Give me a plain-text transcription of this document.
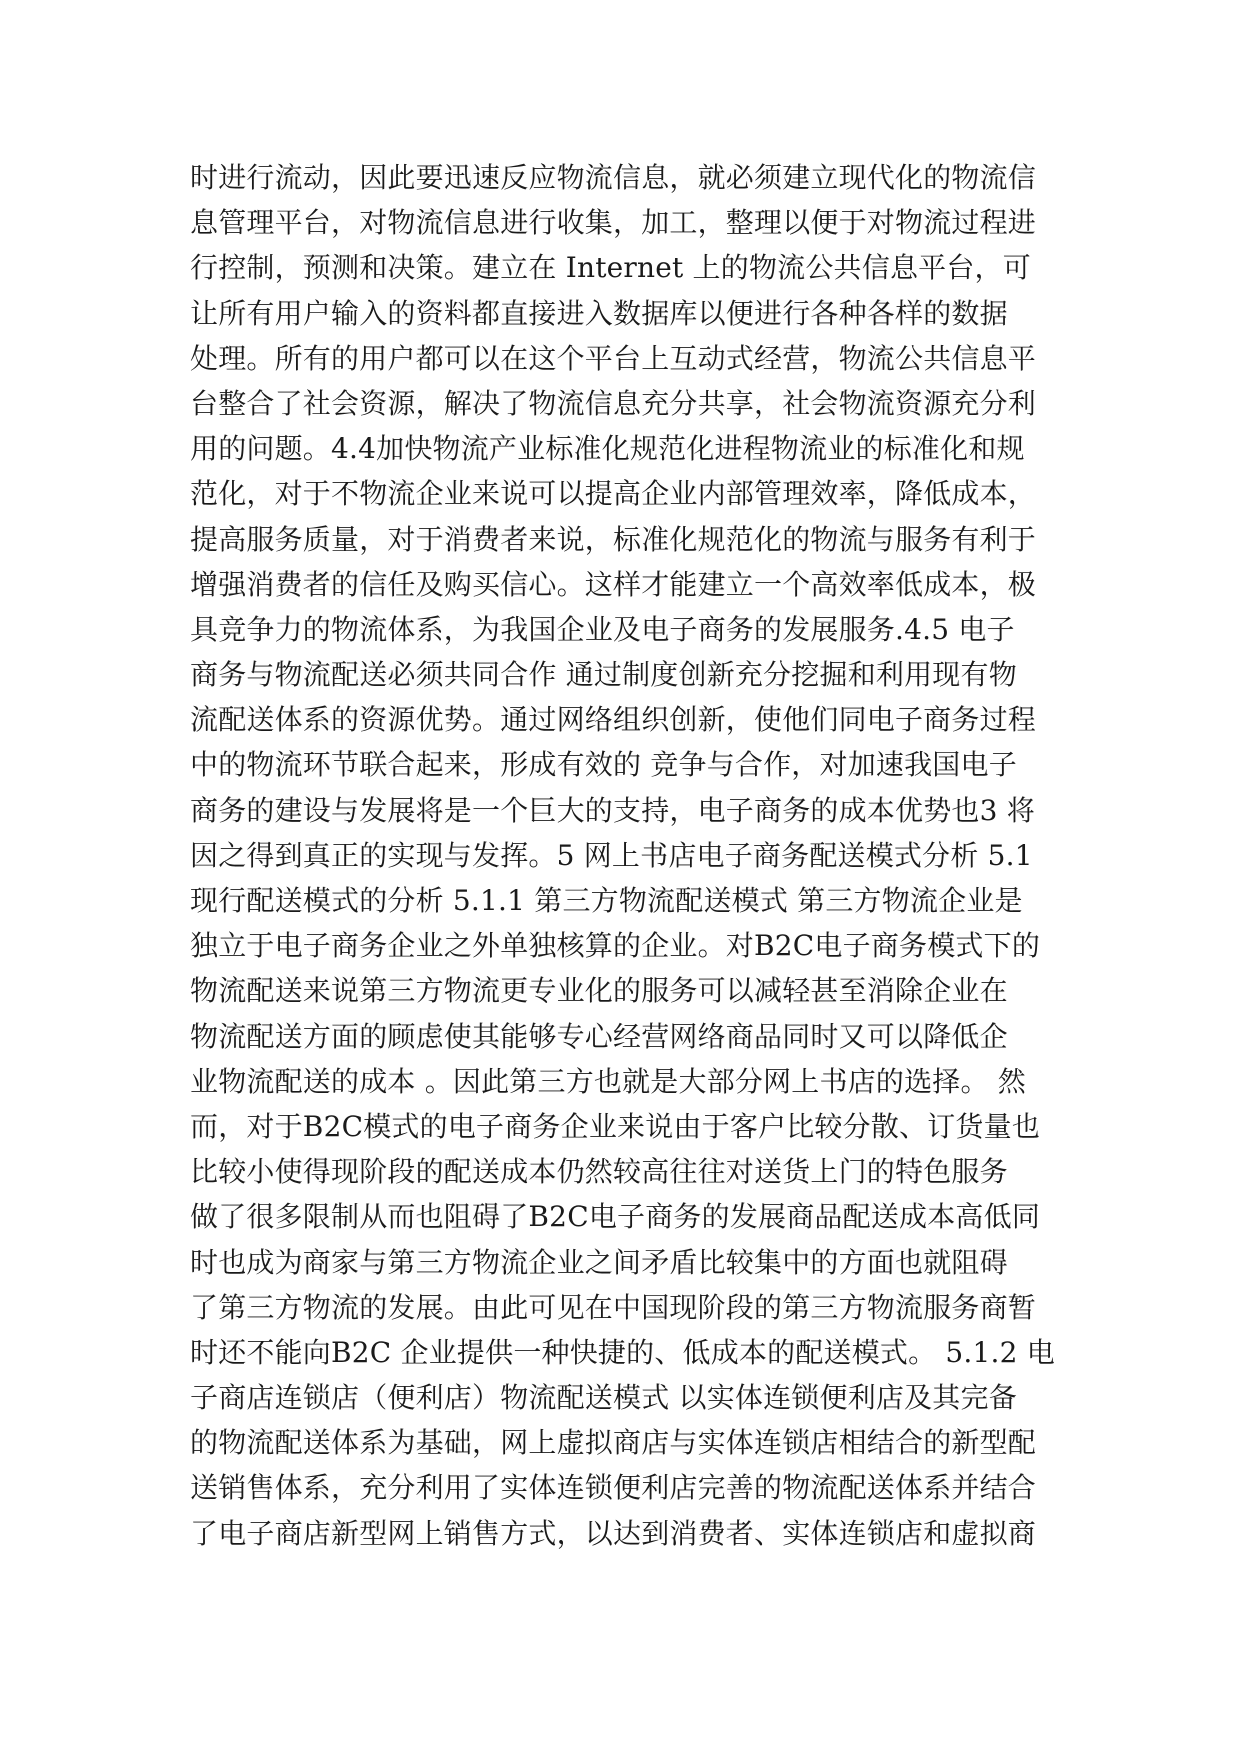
时进行流动，因此要迅速反应物流信息，就必须建立现代化的物流信
息管理平台，对物流信息进行收集，加工，整理以便于对物流过程进
行控制，预测和决策。建立在 Internet 上的物流公共信息平台，可
让所有用户输入的资料都直接进入数据库以便进行各种各样的数据
处理。所有的用户都可以在这个平台上互动式经营，物流公共信息平
台整合了社会资源，解决了物流信息充分共享，社会物流资源充分利
用的问题。4.4加快物流产业标准化规范化进程物流业的标准化和规
范化，对于不物流企业来说可以提高企业内部管理效率，降低成本，
提高服务质量，对于消费者来说，标准化规范化的物流与服务有利于
增强消费者的信任及购买信心。这样才能建立一个高效率低成本，极
具竞争力的物流体系，为我国企业及电子商务的发展服务.4.5 电子
商务与物流配送必须共同合作 通过制度创新充分挖掘和利用现有物
流配送体系的资源优势。通过网络组织创新，使他们同电子商务过程
中的物流环节联合起来，形成有效的 竞争与合作，对加速我国电子
商务的建设与发展将是一个巨大的支持，电子商务的成本优势也3 将
因之得到真正的实现与发挥。5 网上书店电子商务配送模式分析 5.1
现行配送模式的分析 5.1.1 第三方物流配送模式 第三方物流企业是
独立于电子商务企业之外单独核算的企业。对B2C电子商务模式下的
物流配送来说第三方物流更专业化的服务可以减轻甚至消除企业在
物流配送方面的顾虑使其能够专心经营网络商品同时又可以降低企
业物流配送的成本 。因此第三方也就是大部分网上书店的选择。 然
而，对于B2C模式的电子商务企业来说由于客户比较分散、订货量也
比较小使得现阶段的配送成本仍然较高往往对送货上门的特色服务
做了很多限制从而也阻碍了B2C电子商务的发展商品配送成本高低同
时也成为商家与第三方物流企业之间矛盾比较集中的方面也就阻碍
了第三方物流的发展。由此可见在中国现阶段的第三方物流服务商暂
时还不能向B2C 企业提供一种快捷的、低成本的配送模式。 5.1.2 电
子商店连锁店（便利店）物流配送模式 以实体连锁便利店及其完备
的物流配送体系为基础，网上虚拟商店与实体连锁店相结合的新型配
送销售体系，充分利用了实体连锁便利店完善的物流配送体系并结合
了电子商店新型网上销售方式，以达到消费者、实体连锁店和虚拟商
